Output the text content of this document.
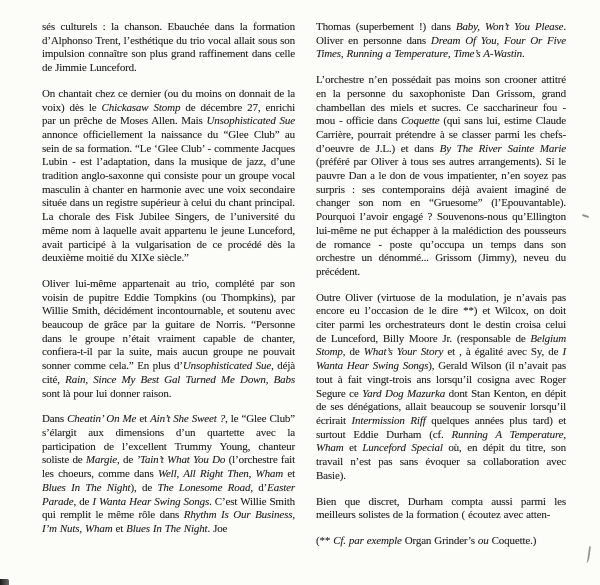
sés culturels : la chanson. Ebauchée dans la formation d’Alphonso Trent, l’esthétique du trio vocal allait sous son impulsion connaître son plus grand raffinement dans celle de Jimmie Lunceford.

On chantait chez ce dernier (ou du moins on donnait de la voix) dès le Chickasaw Stomp de décembre 27, enrichi par un prêche de Moses Allen. Mais Unsophisticated Sue annonce officiellement la naissance du “Glee Club” au sein de sa formation. “Le ‘Glee Club’ - commente Jacques Lubin - est l’adaptation, dans la musique de jazz, d’une tradition anglo-saxonne qui consiste pour un groupe vocal masculin à chanter en harmonie avec une voix secondaire située dans un registre supérieur à celui du chant principal. La chorale des Fisk Jubilee Singers, de l’université du même nom à laquelle avait appartenu le jeune Lunceford, avait participé à la vulgarisation de ce procédé dès la deuxième moitié du XIXe siècle.”

Oliver lui-même appartenait au trio, complété par son voisin de pupitre Eddie Tompkins (ou Thompkins), par Willie Smith, décidément incontournable, et soutenu avec beaucoup de grâce par la guitare de Norris. “Personne dans le groupe n’était vraiment capable de chanter, confiera-t-il par la suite, mais aucun groupe ne pouvait sonner comme cela.” En plus d’Unsophisticated Sue, déjà cité, Rain, Since My Best Gal Turned Me Down, Babs sont là pour lui donner raison.

Dans Cheatin’ On Me et Ain’t She Sweet ?, le “Glee Club” s’élargit aux dimensions d’un quartette avec la participation de l’excellent Trummy Young, chanteur soliste de Margie, de ’Tain’t What You Do (l’orchestre fait les choeurs, comme dans Well, All Right Then, Wham et Blues In The Night), de The Lonesome Road, d’Easter Parade, de I Wanta Hear Swing Songs. C’est Willie Smith qui remplit le même rôle dans Rhythm Is Our Business, I’m Nuts, Wham et Blues In The Night. Joe

Thomas (superbement !) dans Baby, Won’t You Please. Oliver en personne dans Dream Of You, Four Or Five Times, Running a Temperature, Time’s A-Wastin.

L’orchestre n’en possédait pas moins son crooner attitré en la personne du saxophoniste Dan Grissom, grand chambellan des miels et sucres. Ce saccharineur fou - mou - officie dans Coquette (qui sans lui, estime Claude Carrière, pourrait prétendre à se classer parmi les chefs-d’oeuvre de J.L.) et dans By The River Sainte Marie (préféré par Oliver à tous ses autres arrangements). Si le pauvre Dan a le don de vous impatienter, n’en soyez pas surpris : ses contemporains déjà avaient imaginé de changer son nom en “Gruesome” (l’Epouvantable). Pourquoi l’avoir engagé ? Souvenons-nous qu’Ellington lui-même ne put échapper à la malédiction des pousseurs de romance - poste qu’occupa un temps dans son orchestre un dénommé... Grissom (Jimmy), neveu du précédent.

Outre Oliver (virtuose de la modulation, je n’avais pas encore eu l’occasion de le dire **) et Wilcox, on doit citer parmi les orchestrateurs dont le destin croisa celui de Lunceford, Billy Moore Jr. (responsable de Belgium Stomp, de What’s Your Story et , à égalité avec Sy, de I Wanta Hear Swing Songs), Gerald Wilson (il n’avait pas tout à fait vingt-trois ans lorsqu’il cosigna avec Roger Segure ce Yard Dog Mazurka dont Stan Kenton, en dépit de ses dénégations, allait beaucoup se souvenir lorsqu’il écrirait Intermission Riff quelques années plus tard) et surtout Eddie Durham (cf. Running A Temperature, Wham et Lunceford Special où, en dépit du titre, son travail n’est pas sans évoquer sa collaboration avec Basie).

Bien que discret, Durham compta aussi parmi les meilleurs solistes de la formation ( écoutez avec atten-

(** Cf. par exemple Organ Grinder’s ou Coquette.)
